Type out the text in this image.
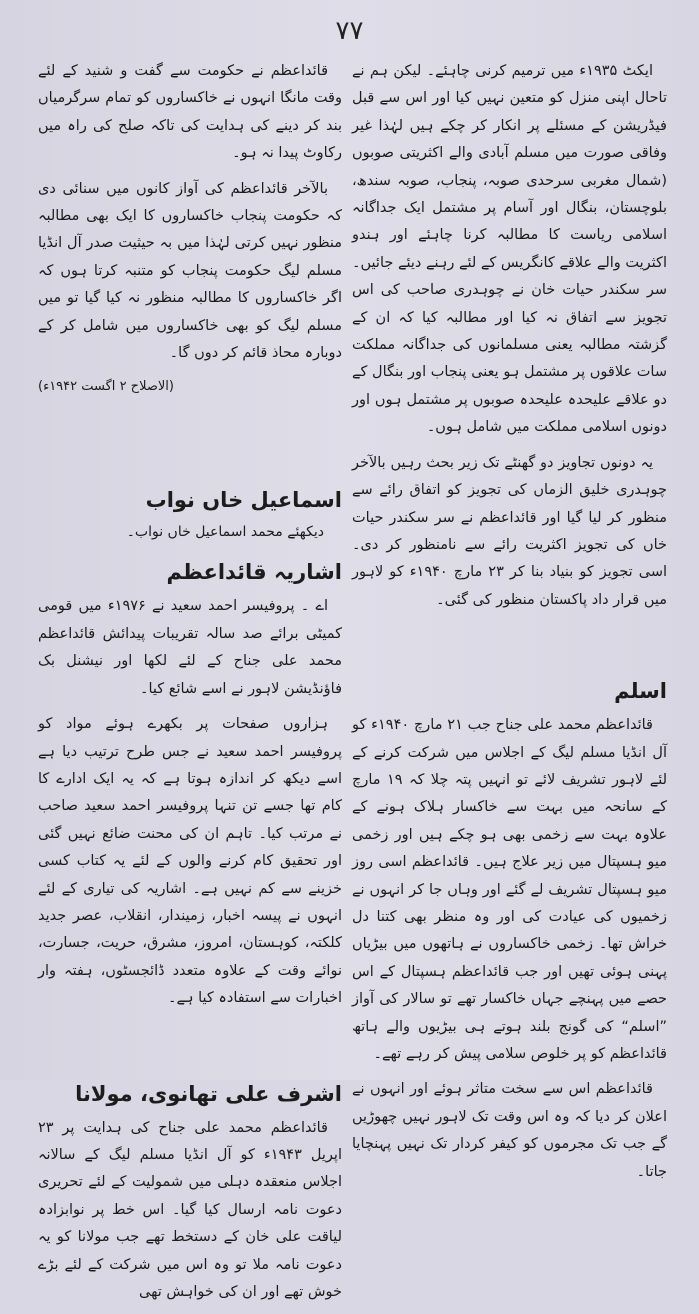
۷۷

ایکٹ ۱۹۳۵ء میں ترمیم کرنی چاہئے۔ لیکن ہم نے تاحال اپنی منزل کو متعین نہیں کیا اور اس سے قبل فیڈریشن کے مسئلے پر انکار کر چکے ہیں لہٰذا غیر وفاقی صورت میں مسلم آبادی والے اکثریتی صوبوں (شمال مغربی سرحدی صوبہ، پنجاب، صوبہ سندھ، بلوچستان، بنگال اور آسام پر مشتمل ایک جداگانہ اسلامی ریاست کا مطالبہ کرنا چاہئے اور ہندو اکثریت والے علاقے کانگریس کے لئے رہنے دیئے جائیں۔ سر سکندر حیات خان نے چوہدری صاحب کی اس تجویز سے اتفاق نہ کیا اور مطالبہ کیا کہ ان کے گزشتہ مطالبہ یعنی مسلمانوں کی جداگانہ مملکت سات علاقوں پر مشتمل ہو یعنی پنجاب اور بنگال کے دو علاقے علیحدہ علیحدہ صوبوں پر مشتمل ہوں اور دونوں اسلامی مملکت میں شامل ہوں۔

یہ دونوں تجاویز دو گھنٹے تک زیر بحث رہیں بالآخر چوہدری خلیق الزماں کی تجویز کو اتفاق رائے سے منظور کر لیا گیا اور قائداعظم نے سر سکندر حیات خاں کی تجویز اکثریت رائے سے نامنظور کر دی۔ اسی تجویز کو بنیاد بنا کر ۲۳ مارچ ۱۹۴۰ء کو لاہور میں قرار داد پاکستان منظور کی گئی۔

اسلم

قائداعظم محمد علی جناح جب ۲۱ مارچ ۱۹۴۰ء کو آل انڈیا مسلم لیگ کے اجلاس میں شرکت کرنے کے لئے لاہور تشریف لائے تو انہیں پتہ چلا کہ ۱۹ مارچ کے سانحہ میں بہت سے خاکسار ہلاک ہونے کے علاوہ بہت سے زخمی بھی ہو چکے ہیں اور زخمی میو ہسپتال میں زیر علاج ہیں۔ قائداعظم اسی روز میو ہسپتال تشریف لے گئے اور وہاں جا کر انہوں نے زخمیوں کی عیادت کی اور وہ منظر بھی کتنا دل خراش تھا۔ زخمی خاکساروں نے ہاتھوں میں بیڑیاں پہنی ہوئی تھیں اور جب قائداعظم ہسپتال کے اس حصے میں پہنچے جہاں خاکسار تھے تو سالار کی آواز ”اسلم“ کی گونج بلند ہوتے ہی بیڑیوں والے ہاتھ قائداعظم کو پر خلوص سلامی پیش کر رہے تھے۔

قائداعظم اس سے سخت متاثر ہوئے اور انہوں نے اعلان کر دیا کہ وہ اس وقت تک لاہور نہیں چھوڑیں گے جب تک مجرموں کو کیفر کردار تک نہیں پہنچایا جاتا۔

قائداعظم نے حکومت سے گفت و شنید کے لئے وقت مانگا انہوں نے خاکساروں کو تمام سرگرمیاں بند کر دینے کی ہدایت کی تاکہ صلح کی راہ میں رکاوٹ پیدا نہ ہو۔

بالآخر قائداعظم کی آواز کانوں میں سنائی دی کہ حکومت پنجاب خاکساروں کا ایک بھی مطالبہ منظور نہیں کرتی لہٰذا میں بہ حیثیت صدر آل انڈیا مسلم لیگ حکومت پنجاب کو متنبہ کرتا ہوں کہ اگر خاکساروں کا مطالبہ منظور نہ کیا گیا تو میں مسلم لیگ کو بھی خاکساروں میں شامل کر کے دوبارہ محاذ قائم کر دوں گا۔

(الاصلاح ۲ اگست ۱۹۴۲ء)
اسماعیل خاں نواب
دیکھئے محمد اسماعیل خاں نواب۔
اشاریہ قائداعظم

اے ۔ پروفیسر احمد سعید نے ۱۹۷۶ء میں قومی کمیٹی برائے صد سالہ تقریبات پیدائش قائداعظم محمد علی جناح کے لئے لکھا اور نیشنل بک فاؤنڈیشن لاہور نے اسے شائع کیا۔

ہزاروں صفحات پر بکھرے ہوئے مواد کو پروفیسر احمد سعید نے جس طرح ترتیب دیا ہے اسے دیکھ کر اندازہ ہوتا ہے کہ یہ ایک ادارے کا کام تھا جسے تن تنہا پروفیسر احمد سعید صاحب نے مرتب کیا۔ تاہم ان کی محنت ضائع نہیں گئی اور تحقیق کام کرنے والوں کے لئے یہ کتاب کسی خزینے سے کم نہیں ہے۔ اشاریہ کی تیاری کے لئے انہوں نے پیسہ اخبار، زمیندار، انقلاب، عصر جدید کلکتہ، کوہستان، امروز، مشرق، حریت، جسارت، نوائے وقت کے علاوہ متعدد ڈائجسٹوں، ہفتہ وار اخبارات سے استفادہ کیا ہے۔

اشرف علی تھانوی، مولانا

قائداعظم محمد علی جناح کی ہدایت پر ۲۳ اپریل ۱۹۴۳ء کو آل انڈیا مسلم لیگ کے سالانہ اجلاس منعقدہ دہلی میں شمولیت کے لئے تحریری دعوت نامہ ارسال کیا گیا۔ اس خط پر نوابزادہ لیاقت علی خان کے دستخط تھے جب مولانا کو یہ دعوت نامہ ملا تو وہ اس میں شرکت کے لئے بڑے خوش تھے اور ان کی خواہش تھی
